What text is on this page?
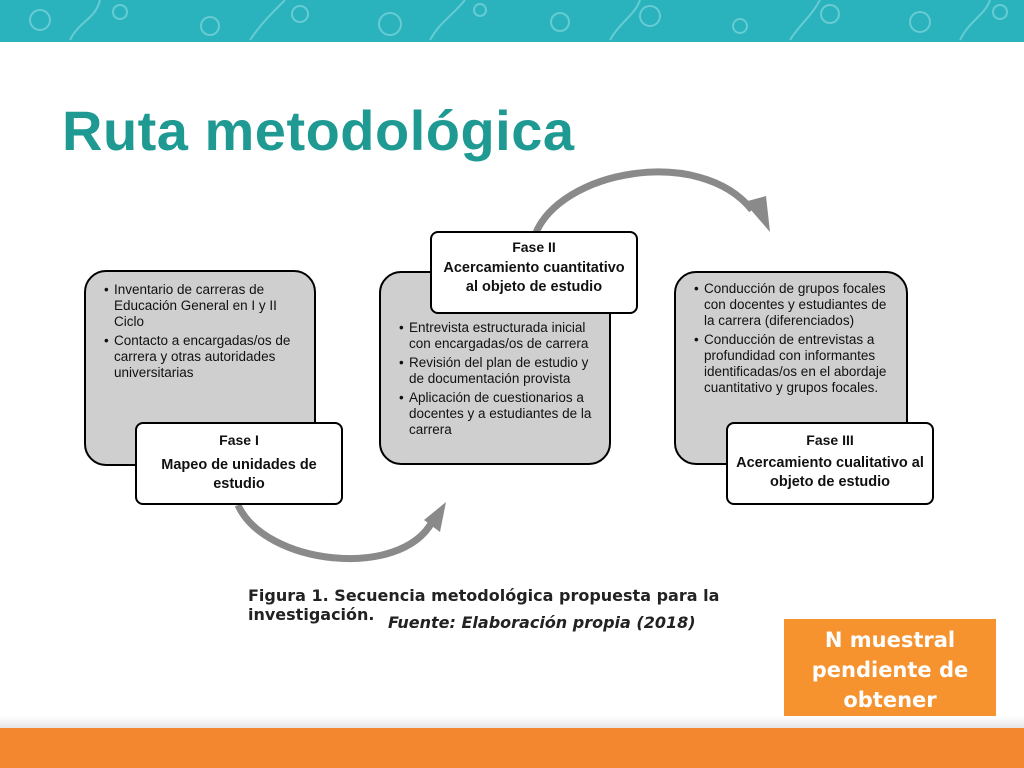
Ruta metodológica
• Inventario de carreras de Educación General en I y II Ciclo
• Contacto a encargadas/os de carrera y otras autoridades universitarias
Fase I
Mapeo de unidades de estudio
• Entrevista estructurada inicial con encargadas/os de carrera
• Revisión del plan de estudio y de documentación provista
• Aplicación de cuestionarios a docentes y a estudiantes de la carrera
Fase II
Acercamiento cuantitativo al objeto de estudio
•	Conducción de grupos focales con docentes y estudiantes de la carrera (diferenciados)
• Conducción de entrevistas a profundidad con informantes identificadas/os en el abordaje cuantitativo y grupos focales.
Fase III
Acercamiento cualitativo al objeto de estudio
Figura 1. Secuencia metodológica propuesta para la investigación. Fuente: Elaboración propia (2018)
N muestral
pendiente de
obtener
